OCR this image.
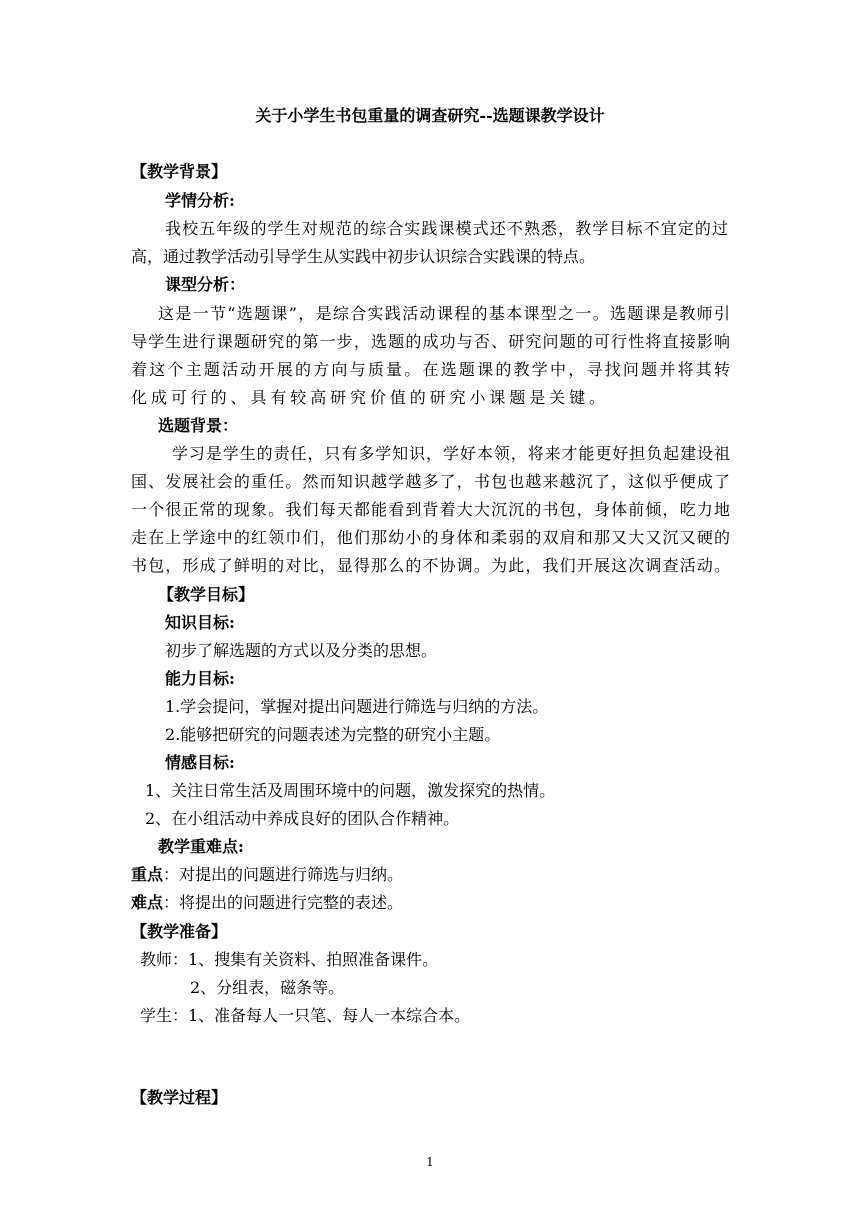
关于小学生书包重量的调查研究--选题课教学设计
【教学背景】
学情分析:
我校五年级的学生对规范的综合实践课模式还不熟悉，教学目标不宜定的过
高，通过教学活动引导学生从实践中初步认识综合实践课的特点。
课型分析：
这是一节“选题课”，是综合实践活动课程的基本课型之一。选题课是教师引
导学生进行课题研究的第一步，选题的成功与否、研究问题的可行性将直接影响
着这个主题活动开展的方向与质量。在选题课的教学中，寻找问题并将其转
化成可行的、具有较高研究价值的研究小课题是关键。
选题背景：
学习是学生的责任，只有多学知识，学好本领，将来才能更好担负起建设祖
国、发展社会的重任。然而知识越学越多了，书包也越来越沉了，这似乎便成了
一个很正常的现象。我们每天都能看到背着大大沉沉的书包，身体前倾，吃力地
走在上学途中的红领巾们，他们那幼小的身体和柔弱的双肩和那又大又沉又硬的
书包，形成了鲜明的对比，显得那么的不协调。为此，我们开展这次调查活动。
【教学目标】
知识目标:
初步了解选题的方式以及分类的思想。
能力目标:
1.学会提问，掌握对提出问题进行筛选与归纳的方法。
2.能够把研究的问题表述为完整的研究小主题。
情感目标:
1、关注日常生活及周围环境中的问题，激发探究的热情。
2、在小组活动中养成良好的团队合作精神。
教学重难点:
重点：对提出的问题进行筛选与归纳。
难点：将提出的问题进行完整的表述。
【教学准备】
教师：1、搜集有关资料、拍照准备课件。
2、分组表，磁条等。
学生：1、准备每人一只笔、每人一本综合本。
【教学过程】
1
